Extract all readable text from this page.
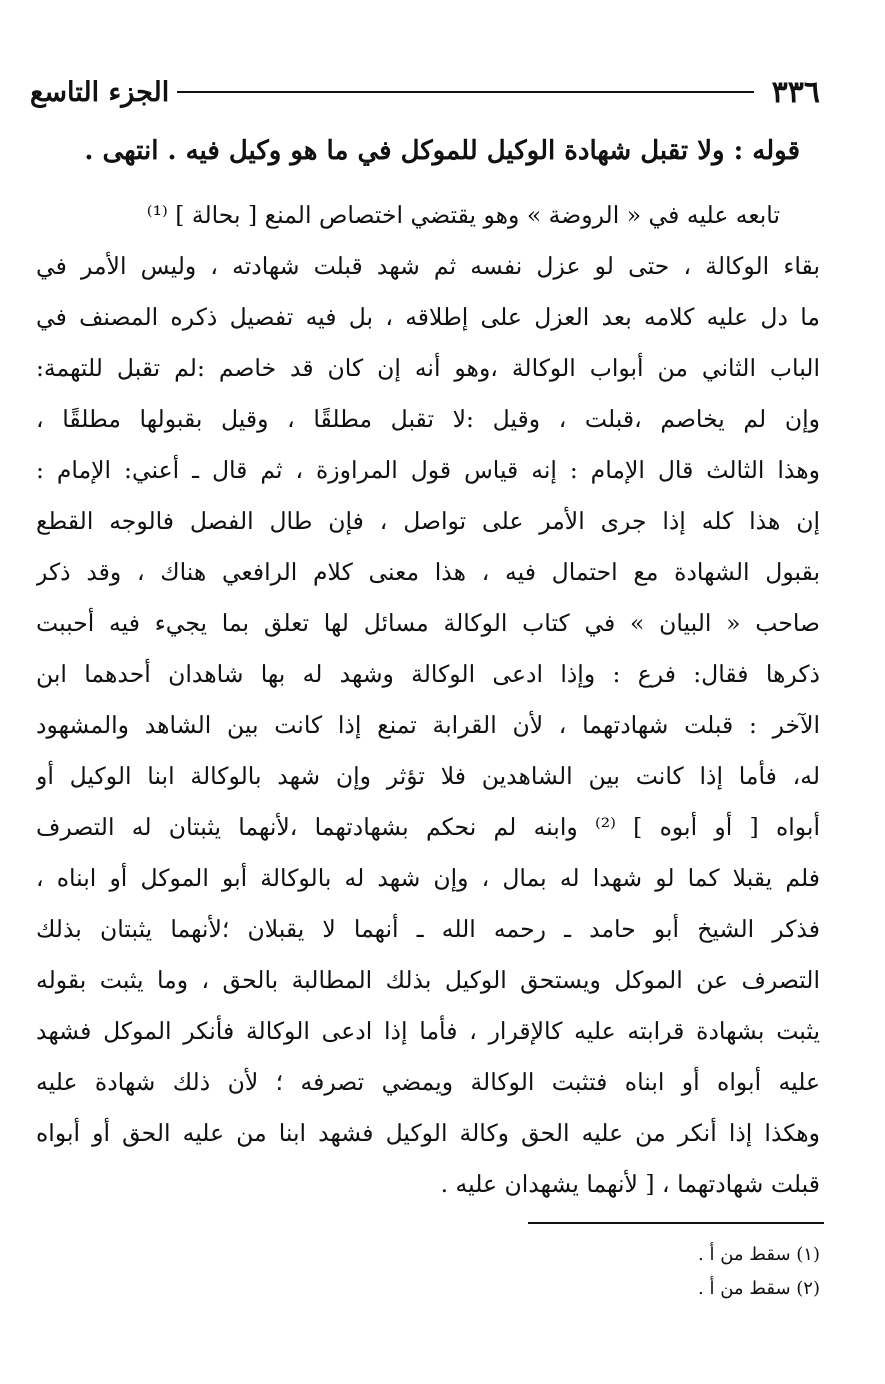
٣٣٦
الجزء التاسع
قوله : ولا تقبل شهادة الوكيل للموكل في ما هو وكيل فيه . انتهى .
تابعه عليه في « الروضة » وهو يقتضي اختصاص المنع [ بحالة ] ⁽¹⁾
بقاء الوكالة ، حتى لو عزل نفسه ثم شهد قبلت شهادته ، وليس الأمر في
ما دل عليه كلامه بعد العزل على إطلاقه ، بل فيه تفصيل ذكره المصنف في
الباب الثاني من أبواب الوكالة ،وهو أنه إن كان قد خاصم :لم تقبل للتهمة:
وإن لم يخاصم ،قبلت ، وقيل :لا تقبل مطلقًا ، وقيل بقبولها مطلقًا ،
وهذا الثالث قال الإمام : إنه قياس قول المراوزة ، ثم قال ـ أعني: الإمام :
إن هذا كله إذا جرى الأمر على تواصل ، فإن طال الفصل فالوجه القطع
بقبول الشهادة مع احتمال فيه ، هذا معنى كلام الرافعي هناك ، وقد ذكر
صاحب « البيان » في كتاب الوكالة مسائل لها تعلق بما يجيء فيه أحببت
ذكرها فقال: فرع : وإذا ادعى الوكالة وشهد له بها شاهدان أحدهما ابن
الآخر : قبلت شهادتهما ، لأن القرابة تمنع إذا كانت بين الشاهد والمشهود
له، فأما إذا كانت بين الشاهدين فلا تؤثر وإن شهد بالوكالة ابنا الوكيل أو
أبواه [ أو أبوه ] ⁽²⁾ وابنه لم نحكم بشهادتهما ،لأنهما يثبتان له التصرف
فلم يقبلا كما لو شهدا له بمال ، وإن شهد له بالوكالة أبو الموكل أو ابناه ،
فذكر الشيخ أبو حامد ـ رحمه الله ـ أنهما لا يقبلان ؛لأنهما يثبتان بذلك
التصرف عن الموكل ويستحق الوكيل بذلك المطالبة بالحق ، وما يثبت بقوله
يثبت بشهادة قرابته عليه كالإقرار ، فأما إذا ادعى الوكالة فأنكر الموكل فشهد
عليه أبواه أو ابناه فتثبت الوكالة ويمضي تصرفه ؛ لأن ذلك شهادة عليه
وهكذا إذا أنكر من عليه الحق وكالة الوكيل فشهد ابنا من عليه الحق أو أبواه
قبلت شهادتهما ، [ لأنهما يشهدان عليه .
(١) سقط من أ .
(٢) سقط من أ .
